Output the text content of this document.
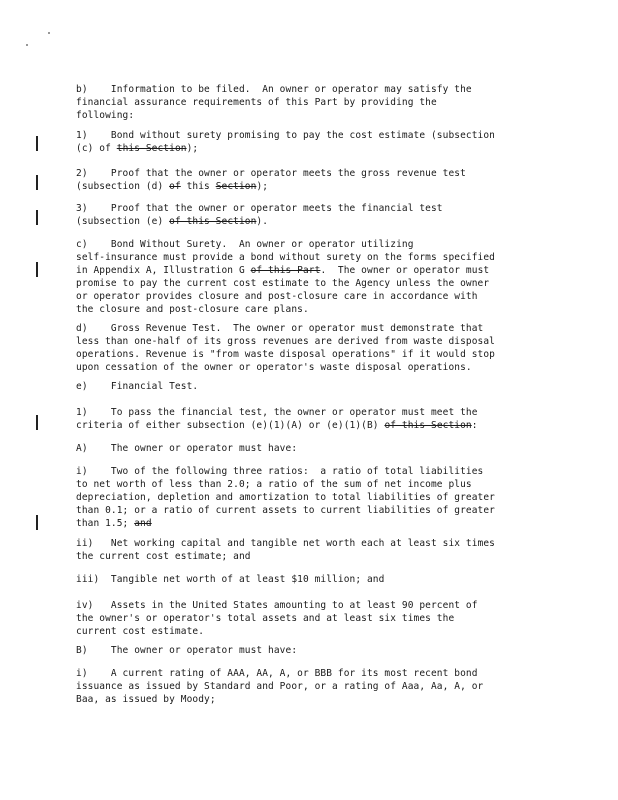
b)    Information to be filed.  An owner or operator may satisfy the
financial assurance requirements of this Part by providing the
following:
1)    Bond without surety promising to pay the cost estimate (subsection
(c) of this Section);
2)    Proof that the owner or operator meets the gross revenue test
(subsection (d) of this Section);
3)    Proof that the owner or operator meets the financial test
(subsection (e) of this Section).
c)    Bond Without Surety.  An owner or operator utilizing
self-insurance must provide a bond without surety on the forms specified
in Appendix A, Illustration G of this Part.  The owner or operator must
promise to pay the current cost estimate to the Agency unless the owner
or operator provides closure and post-closure care in accordance with
the closure and post-closure care plans.
d)    Gross Revenue Test.  The owner or operator must demonstrate that
less than one-half of its gross revenues are derived from waste disposal
operations. Revenue is "from waste disposal operations" if it would stop
upon cessation of the owner or operator's waste disposal operations.
e)    Financial Test.
1)    To pass the financial test, the owner or operator must meet the
criteria of either subsection (e)(1)(A) or (e)(1)(B) of this Section:
A)    The owner or operator must have:
i)    Two of the following three ratios:  a ratio of total liabilities
to net worth of less than 2.0; a ratio of the sum of net income plus
depreciation, depletion and amortization to total liabilities of greater
than 0.1; or a ratio of current assets to current liabilities of greater
than 1.5; and
ii)   Net working capital and tangible net worth each at least six times
the current cost estimate; and
iii)  Tangible net worth of at least $10 million; and
iv)   Assets in the United States amounting to at least 90 percent of
the owner's or operator's total assets and at least six times the
current cost estimate.
B)    The owner or operator must have:
i)    A current rating of AAA, AA, A, or BBB for its most recent bond
issuance as issued by Standard and Poor, or a rating of Aaa, Aa, A, or
Baa, as issued by Moody;
